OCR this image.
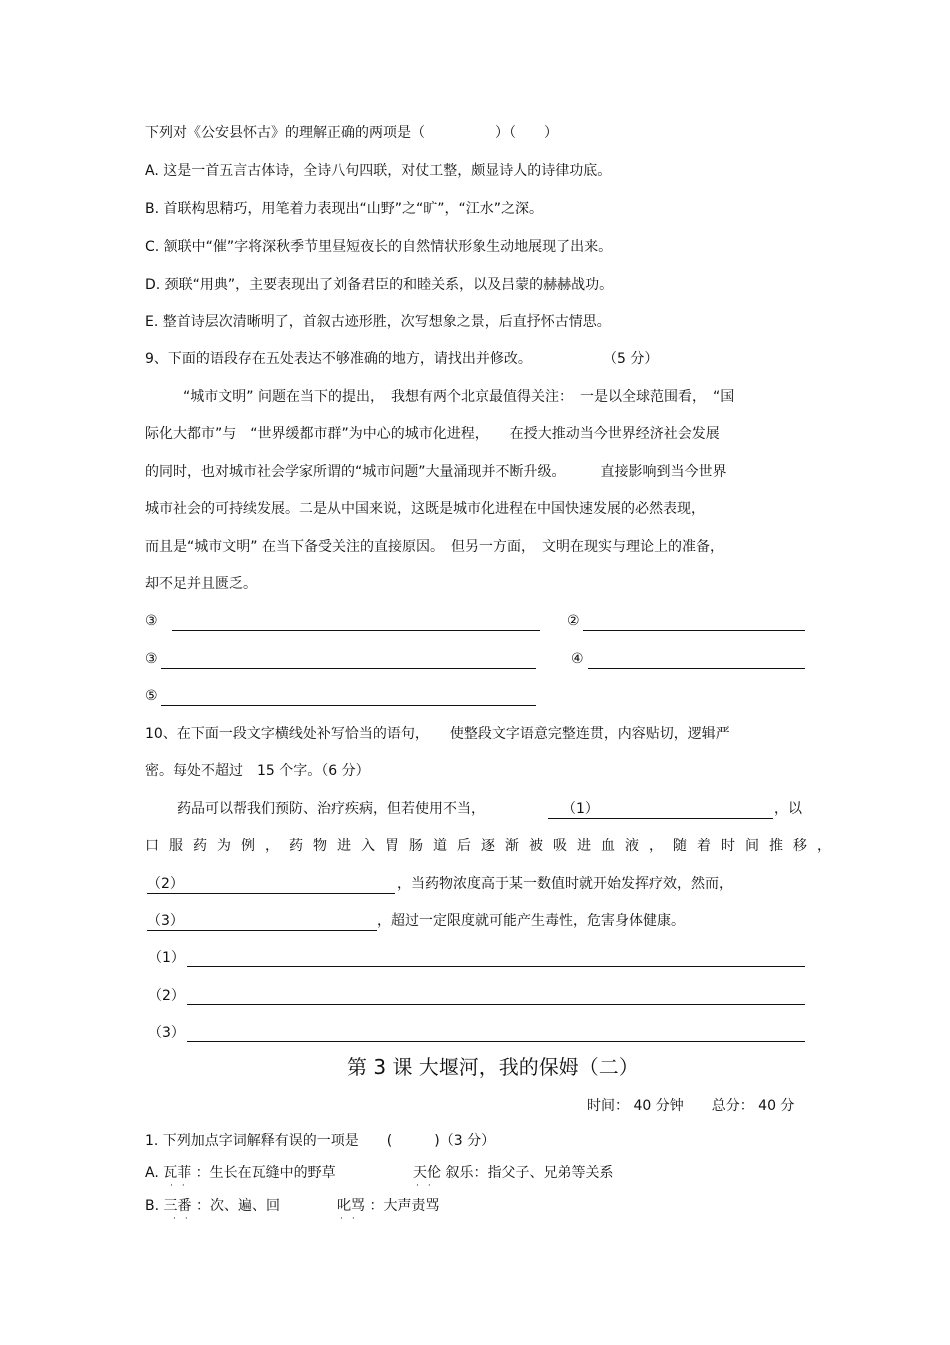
下列对《公安县怀古》的理解正确的两项是（　　　　　）（　　）
A. 这是一首五言古体诗，全诗八句四联，对仗工整，颇显诗人的诗律功底。
B. 首联构思精巧，用笔着力表现出“山野”之“旷”，“江水”之深。
C. 颔联中“催”字将深秋季节里昼短夜长的自然情状形象生动地展现了出来。
D. 颈联“用典”，主要表现出了刘备君臣的和睦关系，以及吕蒙的赫赫战功。
E. 整首诗层次清晰明了，首叙古迹形胜，次写想象之景，后直抒怀古情思。
9、下面的语段存在五处表达不够准确的地方，请找出并修改。	（5 分）
“城市文明” 问题在当下的提出，　我想有两个北京最值得关注：　一是以全球范围看，　“国
际化大都市”与　“世界缓都市群”为中心的城市化进程，　　在授大推动当今世界经济社会发展
的同时，也对城市社会学家所谓的“城市问题”大量涌现并不断升级。　　　直接影响到当今世界
城市社会的可持续发展。二是从中国来说，这既是城市化进程在中国快速发展的必然表现，
而且是“城市文明” 在当下备受关注的直接原因。　但另一方面，　文明在现实与理论上的准备，
却不足并且匮乏。
③	②
③	④
⑤
10、在下面一段文字横线处补写恰当的语句，　　使整段文字语意完整连贯，内容贴切，逻辑严
密。每处不超过　15 个字。（6 分）
药品可以帮我们预防、治疗疾病，但若使用不当，	（1）	，以
口服药为例，药物进入胃肠道后逐渐被吸进血液，随着时间推移，
（2）	，当药物浓度高于某一数值时就开始发挥疗效，然而，
（3）	，超过一定限度就可能产生毒性，危害身体健康。
（1）
（2）
（3）
第 3 课 大堰河，我的保姆（二）
时间： 40 分钟　　总分： 40 分
1. 下列加点字词解释有误的一项是　　(　　　)（3 分）
A. 瓦菲 ：生长在瓦缝中的野草
··
天伦 叙乐：指父子、兄弟等关系
··
B. 三番 ：次、遍、回
··
叱骂 ：大声责骂
··
